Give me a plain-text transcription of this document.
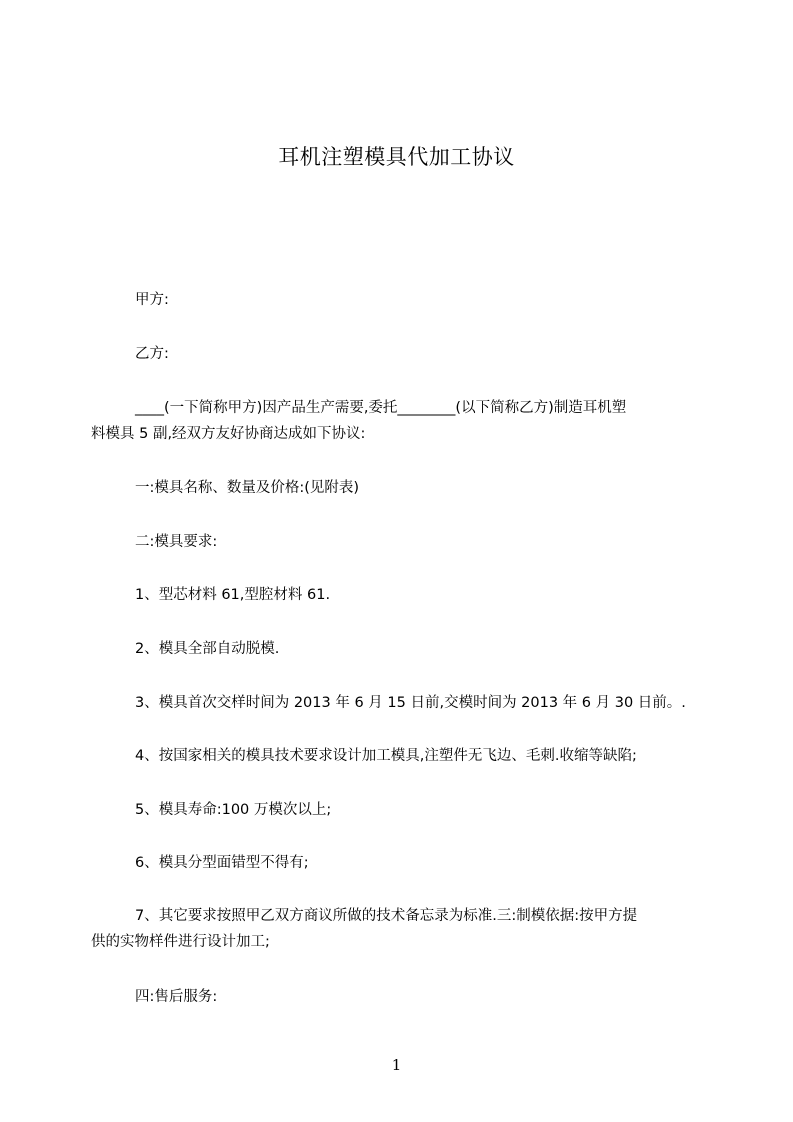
耳机注塑模具代加工协议
甲方:
乙方:
____(一下简称甲方)因产品生产需要,委托________(以下简称乙方)制造耳机塑
料模具 5 副,经双方友好协商达成如下协议:
一:模具名称、数量及价格:(见附表)
二:模具要求:
1、型芯材料 61,型腔材料 61.
2、模具全部自动脱模.
3、模具首次交样时间为 2013 年 6 月 15 日前,交模时间为 2013 年 6 月 30 日前。.
4、按国家相关的模具技术要求设计加工模具,注塑件无飞边、毛刺.收缩等缺陷;
5、模具寿命:100 万模次以上;
6、模具分型面错型不得有;
7、其它要求按照甲乙双方商议所做的技术备忘录为标准.三:制模依据:按甲方提
供的实物样件进行设计加工;
四:售后服务:
1
